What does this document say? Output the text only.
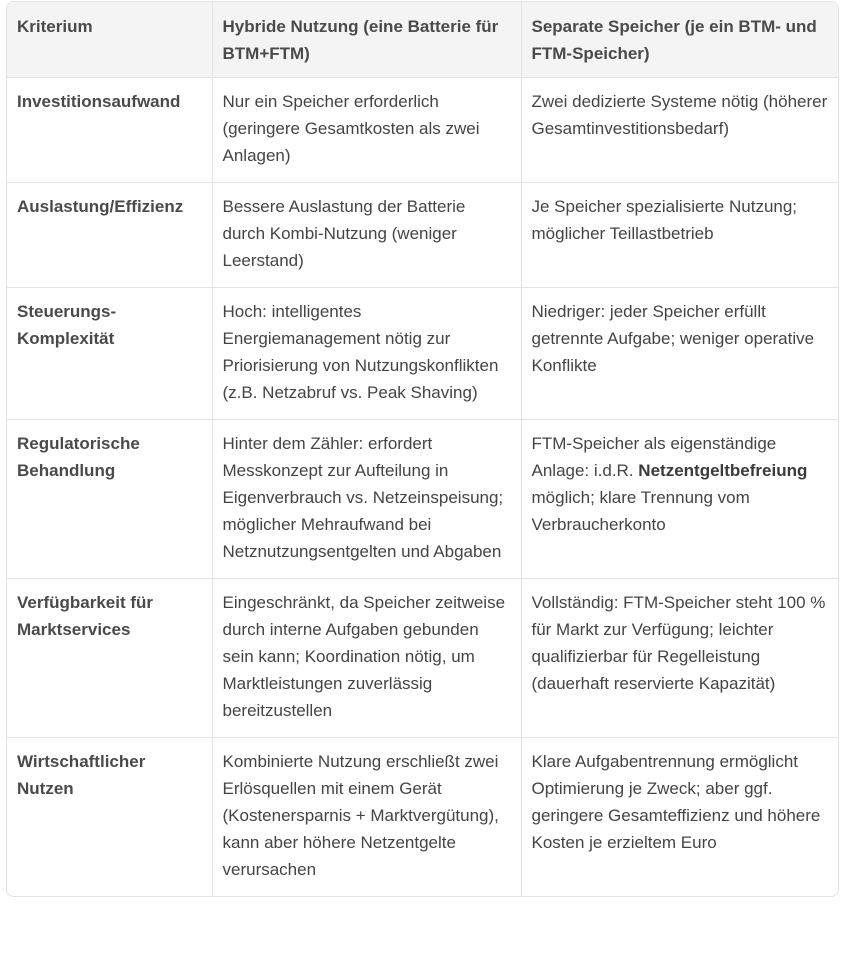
Kriterium	Hybride Nutzung (eine Batterie für BTM+FTM)	Separate Speicher (je ein BTM- und FTM-Speicher)
Investitionsaufwand	Nur ein Speicher erforderlich (geringere Gesamtkosten als zwei Anlagen)	Zwei dedizierte Systeme nötig (höherer Gesamtinvestitionsbedarf)
Auslastung/Effizienz	Bessere Auslastung der Batterie durch Kombi-Nutzung (weniger Leerstand)	Je Speicher spezialisierte Nutzung; möglicher Teillastbetrieb
Steuerungs-Komplexität	Hoch: intelligentes Energiemanagement nötig zur Priorisierung von Nutzungskonflikten (z.B. Netzabruf vs. Peak Shaving)	Niedriger: jeder Speicher erfüllt getrennte Aufgabe; weniger operative Konflikte
Regulatorische Behandlung	Hinter dem Zähler: erfordert Messkonzept zur Aufteilung in Eigenverbrauch vs. Netzeinspeisung; möglicher Mehraufwand bei Netznutzungsentgelten und Abgaben	FTM-Speicher als eigenständige Anlage: i.d.R. Netzentgeltbefreiung möglich; klare Trennung vom Verbraucherkonto
Verfügbarkeit für Marktservices	Eingeschränkt, da Speicher zeitweise durch interne Aufgaben gebunden sein kann; Koordination nötig, um Marktleistungen zuverlässig bereitzustellen	Vollständig: FTM-Speicher steht 100 % für Markt zur Verfügung; leichter qualifizierbar für Regelleistung (dauerhaft reservierte Kapazität)
Wirtschaftlicher Nutzen	Kombinierte Nutzung erschließt zwei Erlösquellen mit einem Gerät (Kostenersparnis + Marktvergütung), kann aber höhere Netzentgelte verursachen	Klare Aufgabentrennung ermöglicht Optimierung je Zweck; aber ggf. geringere Gesamteffizienz und höhere Kosten je erzieltem Euro
